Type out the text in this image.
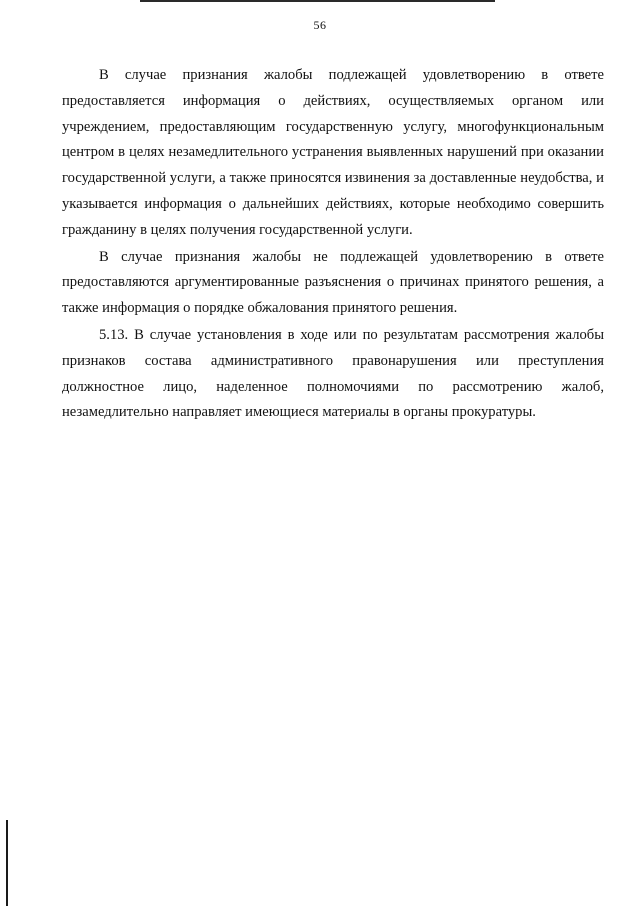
56

В случае признания жалобы подлежащей удовлетворению в ответе предоставляется информация о действиях, осуществляемых органом или учреждением, предоставляющим государственную услугу, многофункциональным центром в целях незамедлительного устранения выявленных нарушений при оказании государственной услуги, а также приносятся извинения за доставленные неудобства, и указывается информация о дальнейших действиях, которые необходимо совершить гражданину в целях получения государственной услуги.

В случае признания жалобы не подлежащей удовлетворению в ответе предоставляются аргументированные разъяснения о причинах принятого решения, а также информация о порядке обжалования принятого решения.

5.13. В случае установления в ходе или по результатам рассмотрения жалобы признаков состава административного правонарушения или преступления должностное лицо, наделенное полномочиями по рассмотрению жалоб, незамедлительно направляет имеющиеся материалы в органы прокуратуры.
